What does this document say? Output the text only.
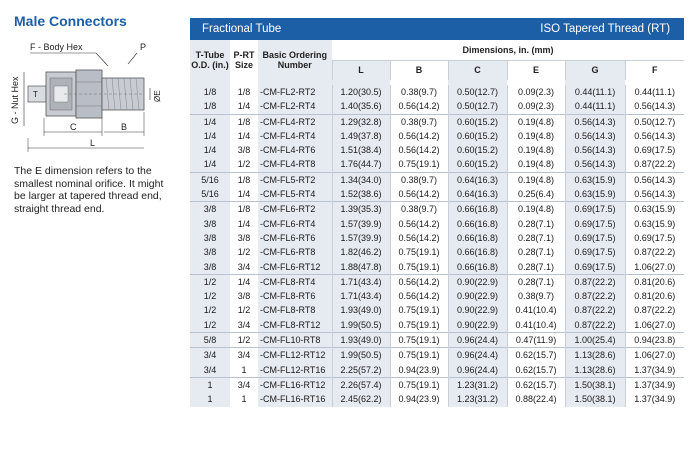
Male Connectors
F - Body Hex	P
G - Nut Hex T	ØE
C	B
L
The E dimension refers to the smallest nominal orifice. It might be larger at tapered thread end, straight thread end.
Fractional Tube					ISO Tapered Thread (RT)			
T-Tube O.D. (in.)	P-RT Size	Basic Ordering Number	Dimensions, in. (mm)					
			L	B	C	E	G	F

1/8	1/8	-CM-FL2-RT2	1.20(30.5)	0.38(9.7)	0.50(12.7)	0.09(2.3)	0.44(11.1)	0.44(11.1)
1/8	1/4	-CM-FL2-RT4	1.40(35.6)	0.56(14.2)	0.50(12.7)	0.09(2.3)	0.44(11.1)	0.56(14.3)
1/4	1/8	-CM-FL4-RT2	1.29(32.8)	0.38(9.7)	0.60(15.2)	0.19(4.8)	0.56(14.3)	0.50(12.7)
1/4	1/4	-CM-FL4-RT4	1.49(37.8)	0.56(14.2)	0.60(15.2)	0.19(4.8)	0.56(14.3)	0.56(14.3)
1/4	3/8	-CM-FL4-RT6	1.51(38.4)	0.56(14.2)	0.60(15.2)	0.19(4.8)	0.56(14.3)	0.69(17.5)
1/4	1/2	-CM-FL4-RT8	1.76(44.7)	0.75(19.1)	0.60(15.2)	0.19(4.8)	0.56(14.3)	0.87(22.2)
5/16	1/8	-CM-FL5-RT2	1.34(34.0)	0.38(9.7)	0.64(16.3)	0.19(4.8)	0.63(15.9)	0.56(14.3)
5/16	1/4	-CM-FL5-RT4	1.52(38.6)	0.56(14.2)	0.64(16.3)	0.25(6.4)	0.63(15.9)	0.56(14.3)
3/8	1/8	-CM-FL6-RT2	1.39(35.3)	0.38(9.7)	0.66(16.8)	0.19(4.8)	0.69(17.5)	0.63(15.9)
3/8	1/4	-CM-FL6-RT4	1.57(39.9)	0.56(14.2)	0.66(16.8)	0.28(7.1)	0.69(17.5)	0.63(15.9)
3/8	3/8	-CM-FL6-RT6	1.57(39.9)	0.56(14.2)	0.66(16.8)	0.28(7.1)	0.69(17.5)	0.69(17.5)
3/8	1/2	-CM-FL6-RT8	1.82(46.2)	0.75(19.1)	0.66(16.8)	0.28(7.1)	0.69(17.5)	0.87(22.2)
3/8	3/4	-CM-FL6-RT12	1.88(47.8)	0.75(19.1)	0.66(16.8)	0.28(7.1)	0.69(17.5)	1.06(27.0)
1/2	1/4	-CM-FL8-RT4	1.71(43.4)	0.56(14.2)	0.90(22.9)	0.28(7.1)	0.87(22.2)	0.81(20.6)
1/2	3/8	-CM-FL8-RT6	1.71(43.4)	0.56(14.2)	0.90(22.9)	0.38(9.7)	0.87(22.2)	0.81(20.6)
1/2	1/2	-CM-FL8-RT8	1.93(49.0)	0.75(19.1)	0.90(22.9)	0.41(10.4)	0.87(22.2)	0.87(22.2)
1/2	3/4	-CM-FL8-RT12	1.99(50.5)	0.75(19.1)	0.90(22.9)	0.41(10.4)	0.87(22.2)	1.06(27.0)
5/8	1/2	-CM-FL10-RT8	1.93(49.0)	0.75(19.1)	0.96(24.4)	0.47(11.9)	1.00(25.4)	0.94(23.8)
3/4	3/4	-CM-FL12-RT12	1.99(50.5)	0.75(19.1)	0.96(24.4)	0.62(15.7)	1.13(28.6)	1.06(27.0)
3/4	1	-CM-FL12-RT16	2.25(57.2)	0.94(23.9)	0.96(24.4)	0.62(15.7)	1.13(28.6)	1.37(34.9)
1	3/4	-CM-FL16-RT12	2.26(57.4)	0.75(19.1)	1.23(31.2)	0.62(15.7)	1.50(38.1)	1.37(34.9)
1	1	-CM-FL16-RT16	2.45(62.2)	0.94(23.9)	1.23(31.2)	0.88(22.4)	1.50(38.1)	1.37(34.9)
